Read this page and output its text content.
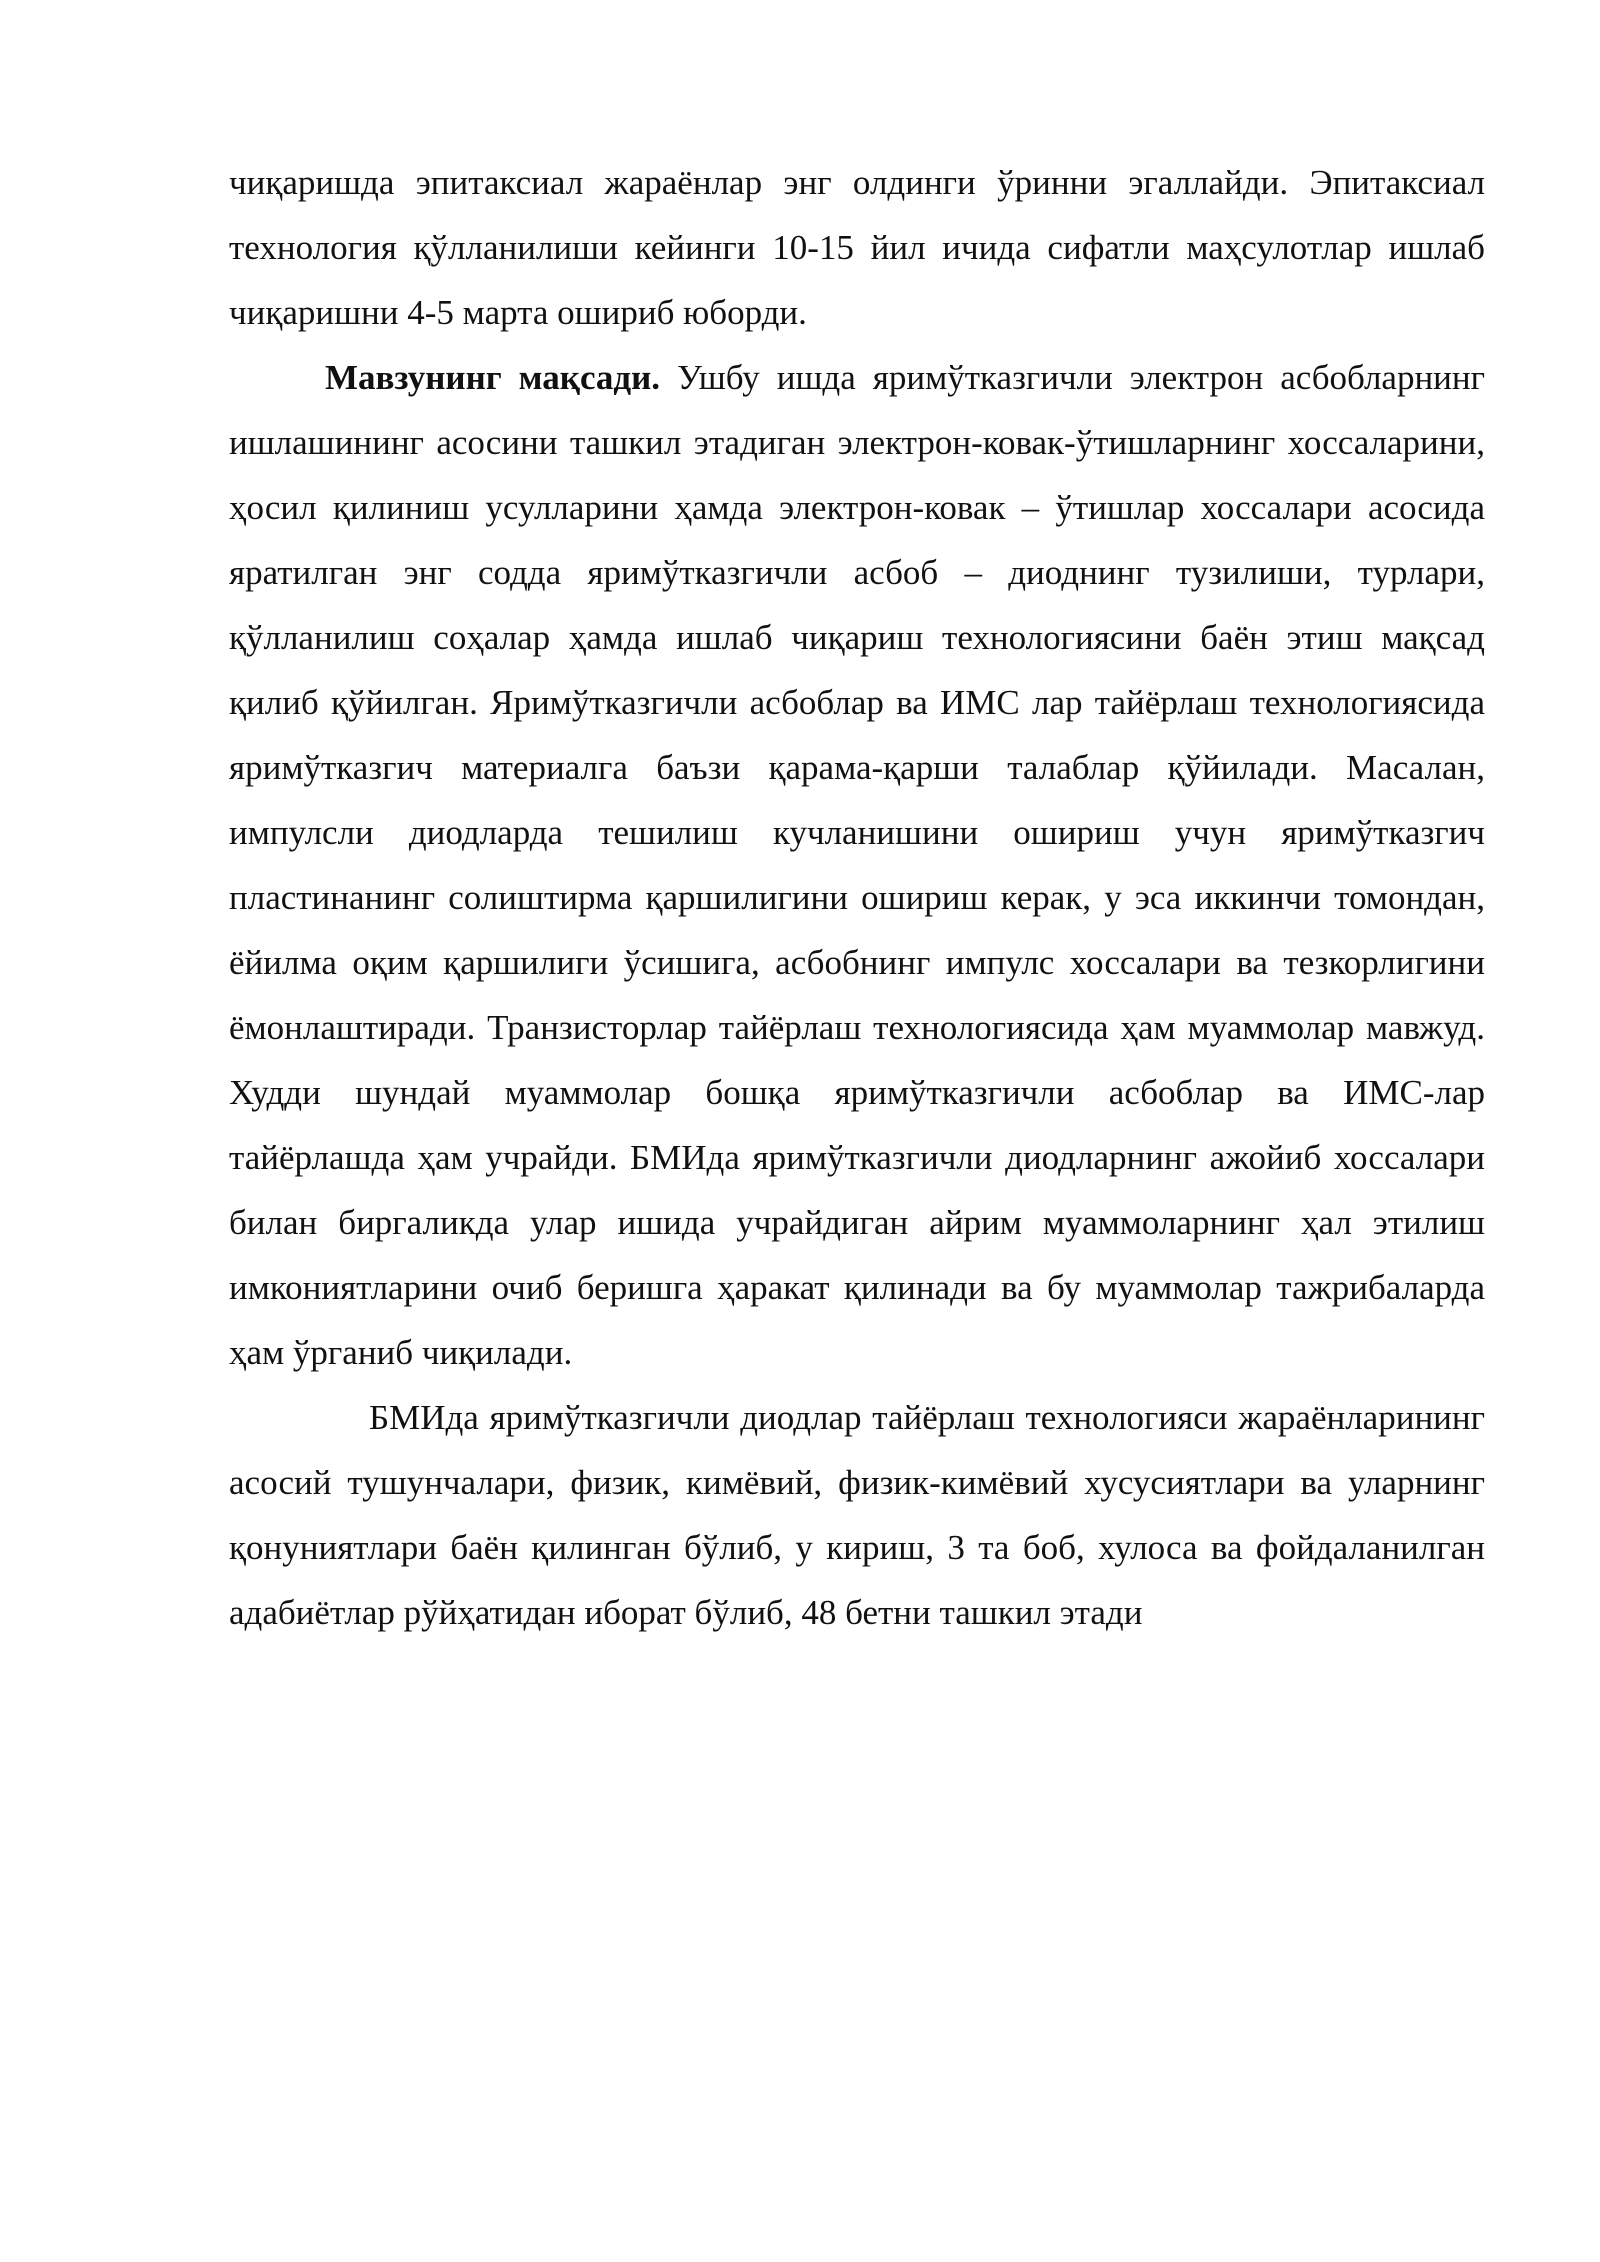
чиқаришда эпитаксиал жараёнлар энг олдинги ўринни эгаллайди. Эпитаксиал технология қўлланилиши кейинги 10-15 йил ичида сифатли маҳсулотлар ишлаб чиқаришни 4-5 марта ошириб юборди.

Мавзунинг мақсади. Ушбу ишда яримўтказгичли электрон асбобларнинг ишлашининг асосини ташкил этадиган электрон-ковак-ўтишларнинг хоссаларини, ҳосил қилиниш усулларини ҳамда электрон-ковак – ўтишлар хоссалари асосида яратилган энг содда яримўтказгичли асбоб – диоднинг тузилиши, турлари, қўлланилиш соҳалар ҳамда ишлаб чиқариш технологиясини баён этиш мақсад қилиб қўйилган. Яримўтказгичли асбоблар ва ИМС лар тайёрлаш технологиясида яримўтказгич материалга баъзи қарама-қарши талаблар қўйилади. Масалан, импулсли диодларда тешилиш кучланишини ошириш учун яримўтказгич пластинанинг солиштирма қаршилигини ошириш керак, у эса иккинчи томондан, ёйилма оқим қаршилиги ўсишига, асбобнинг импулс хоссалари ва тезкорлигини ёмонлаштиради. Транзисторлар тайёрлаш технологиясида ҳам муаммолар мавжуд. Худди шундай муаммолар бошқа яримўтказгичли асбоблар ва ИМС-лар тайёрлашда ҳам учрайди. БМИда яримўтказгичли диодларнинг ажойиб хоссалари билан биргаликда улар ишида учрайдиган айрим муаммоларнинг ҳал этилиш имкониятларини очиб беришга ҳаракат қилинади ва бу муаммолар тажрибаларда ҳам ўрганиб чиқилади.

БМИда яримўтказгичли диодлар тайёрлаш технологияси жараёнларининг асосий тушунчалари, физик, кимёвий, физик-кимёвий хусусиятлари ва уларнинг қонуниятлари баён қилинган бўлиб, у кириш, 3 та боб, хулоса ва фойдаланилган адабиётлар рўйҳатидан иборат бўлиб, 48 бетни ташкил этади
